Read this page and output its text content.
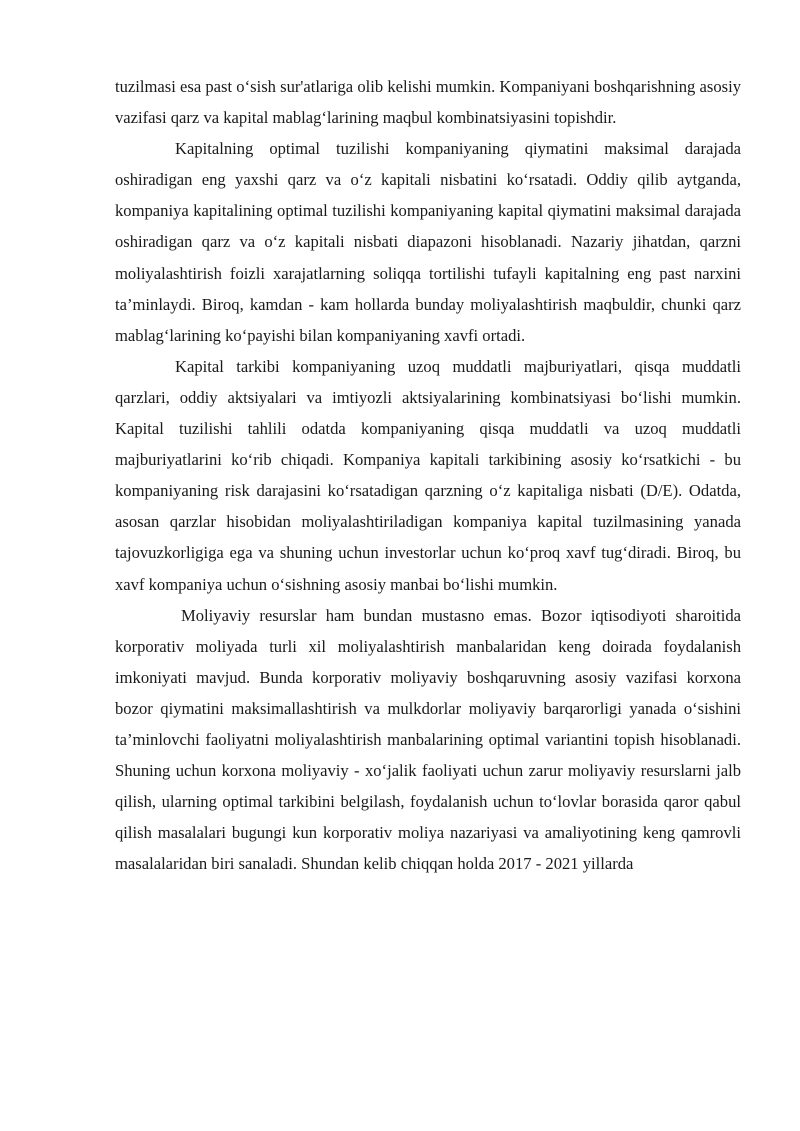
tuzilmasi esa past o‘sish sur'atlariga olib kelishi mumkin. Kompaniyani boshqarishning asosiy vazifasi qarz va kapital mablag‘larining maqbul kombinatsiyasini topishdir.

Kapitalning optimal tuzilishi kompaniyaning qiymatini maksimal darajada oshiradigan eng yaxshi qarz va o‘z kapitali nisbatini ko‘rsatadi. Oddiy qilib aytganda, kompaniya kapitalining optimal tuzilishi kompaniyaning kapital qiymatini maksimal darajada oshiradigan qarz va o‘z kapitali nisbati diapazoni hisoblanadi. Nazariy jihatdan, qarzni moliyalashtirish foizli xarajatlarning soliqqa tortilishi tufayli kapitalning eng past narxini ta’minlaydi. Biroq, kamdan - kam hollarda bunday moliyalashtirish maqbuldir, chunki qarz mablag‘larining ko‘payishi bilan kompaniyaning xavfi ortadi.

Kapital tarkibi kompaniyaning uzoq muddatli majburiyatlari, qisqa muddatli qarzlari, oddiy aktsiyalari va imtiyozli aktsiyalarining kombinatsiyasi bo‘lishi mumkin. Kapital tuzilishi tahlili odatda kompaniyaning qisqa muddatli va uzoq muddatli majburiyatlarini ko‘rib chiqadi. Kompaniya kapitali tarkibining asosiy ko‘rsatkichi - bu kompaniyaning risk darajasini ko‘rsatadigan qarzning o‘z kapitaliga nisbati (D/E). Odatda, asosan qarzlar hisobidan moliyalashtiriladigan kompaniya kapital tuzilmasining yanada tajovuzkorligiga ega va shuning uchun investorlar uchun ko‘proq xavf tug‘diradi. Biroq, bu xavf kompaniya uchun o‘sishning asosiy manbai bo‘lishi mumkin.

Moliyaviy resurslar ham bundan mustasno emas. Bozor iqtisodiyoti sharoitida korporativ moliyada turli xil moliyalashtirish manbalaridan keng doirada foydalanish imkoniyati mavjud. Bunda korporativ moliyaviy boshqaruvning asosiy vazifasi korxona bozor qiymatini maksimallashtirish va mulkdorlar moliyaviy barqarorligi yanada o‘sishini ta’minlovchi faoliyatni moliyalashtirish manbalarining optimal variantini topish hisoblanadi. Shuning uchun korxona moliyaviy - xo‘jalik faoliyati uchun zarur moliyaviy resurslarni jalb qilish, ularning optimal tarkibini belgilash, foydalanish uchun to‘lovlar borasida qaror qabul qilish masalalari bugungi kun korporativ moliya nazariyasi va amaliyotining keng qamrovli masalalaridan biri sanaladi. Shundan kelib chiqqan holda 2017 - 2021 yillarda
